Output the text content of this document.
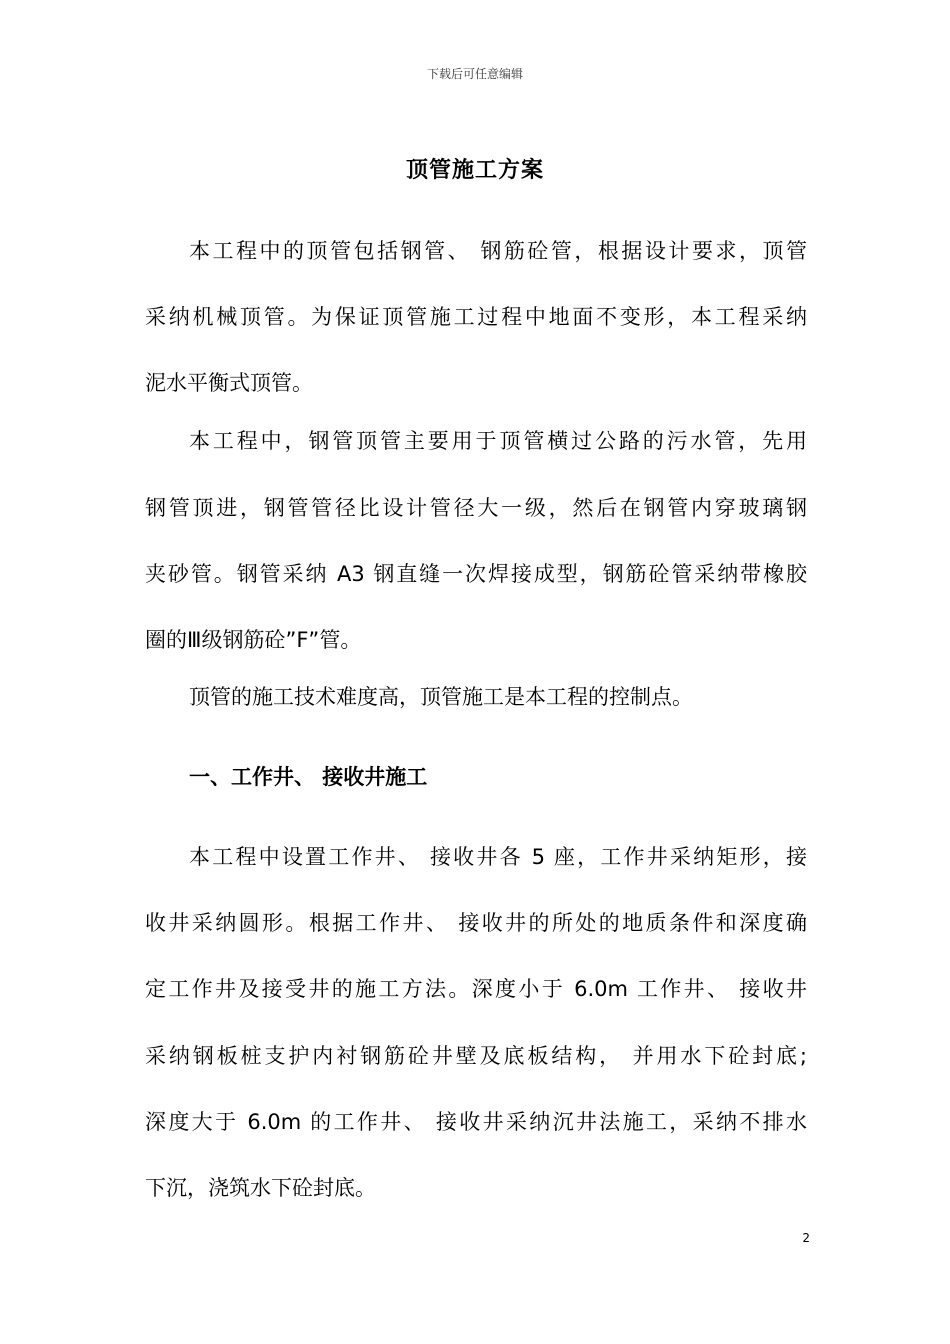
下载后可任意编辑
顶管施工方案
本工程中的顶管包括钢管、 钢筋砼管，根据设计要求，顶管
采纳机械顶管。为保证顶管施工过程中地面不变形，本工程采纳
泥水平衡式顶管。
本工程中，钢管顶管主要用于顶管横过公路的污水管，先用
钢管顶进，钢管管径比设计管径大一级，然后在钢管内穿玻璃钢
夹砂管。钢管采纳 A3 钢直缝一次焊接成型，钢筋砼管采纳带橡胶
圈的Ⅲ级钢筋砼”F”管。
顶管的施工技术难度高，顶管施工是本工程的控制点。
一、工作井、 接收井施工
本工程中设置工作井、 接收井各 5 座，工作井采纳矩形，接
收井采纳圆形。根据工作井、 接收井的所处的地质条件和深度确
定工作井及接受井的施工方法。深度小于 6.0m 工作井、 接收井
采纳钢板桩支护内衬钢筋砼井壁及底板结构， 并用水下砼封底;
深度大于 6.0m 的工作井、 接收井采纳沉井法施工，采纳不排水
下沉，浇筑水下砼封底。
2
